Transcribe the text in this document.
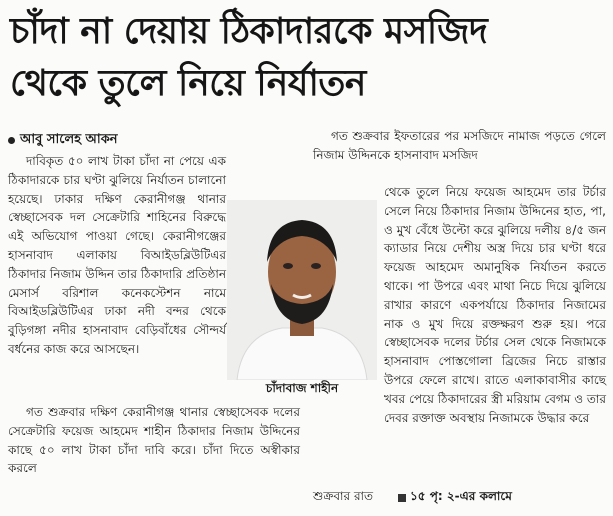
চাঁদা না দেয়ায় ঠিকাদারকে মসজিদ
থেকে তুলে নিয়ে নির্যাতন
আবু সালেহ আকন

দাবিকৃত ৫০ লাখ টাকা চাঁদা না পেয়ে এক ঠিকাদারকে চার ঘণ্টা ঝুলিয়ে নির্যাতন চালানো হয়েছে। ঢাকার দক্ষিণ কেরানীগঞ্জ থানার স্বেচ্ছাসেবক দল সেক্রেটারি শাহিনের বিরুদ্ধে এই অভিযোগ পাওয়া গেছে। কেরানীগঞ্জের হাসনাবাদ এলাকায় বিআইডব্লিউটিএর ঠিকাদার নিজাম উদ্দিন তার ঠিকাদারি প্রতিষ্ঠান মেসার্স বরিশাল কনেকস্টেশন নামে বিআইডব্লিউটিএর ঢাকা নদী বন্দর থেকে বুড়িগঙ্গা নদীর হাসনাবাদ বেড়িবাঁধের সৌন্দর্য বর্ধনের কাজ করে আসছেন।

গত শুক্রবার দক্ষিণ কেরানীগঞ্জ থানার স্বেচ্ছাসেবক দলের সেক্রেটারি ফয়েজ আহমেদ শাহীন ঠিকাদার নিজাম উদ্দিনের কাছে ৫০ লাখ টাকা চাঁদা দাবি করে। চাঁদা দিতে অস্বীকার করলে

চাঁদাবাজ শাহীন

গত শুক্রবার ইফতারের পর মসজিদে নামাজ পড়তে গেলে নিজাম উদ্দিনকে হাসনাবাদ মসজিদ

থেকে তুলে নিয়ে ফয়েজ আহমেদ তার টর্চার সেলে নিয়ে ঠিকাদার নিজাম উদ্দিনের হাত, পা, ও মুখ বেঁধে উল্টো করে ঝুলিয়ে দলীয় ৪/৫ জন ক্যাডার নিয়ে দেশীয় অস্ত্র দিয়ে চার ঘণ্টা ধরে ফয়েজ আহমেদ অমানুষিক নির্যাতন করতে থাকে। পা উপরে এবং মাথা নিচে দিয়ে ঝুলিয়ে রাখার কারণে একপর্যায়ে ঠিকাদার নিজামের নাক ও মুখ দিয়ে রক্তক্ষরণ শুরু হয়। পরে স্বেচ্ছাসেবক দলের টর্চার সেল থেকে নিজামকে হাসনাবাদ পোস্তগোলা ব্রিজের নিচে রাস্তার উপরে ফেলে রাখে। রাতে এলাকাবাসীর কাছে খবর পেয়ে ঠিকাদারের স্ত্রী মরিয়াম বেগম ও তার দেবর রক্তাক্ত অবস্থায় নিজামকে উদ্ধার করে

শুক্রবার রাত	১৫ পৃ: ২-এর কলামে
